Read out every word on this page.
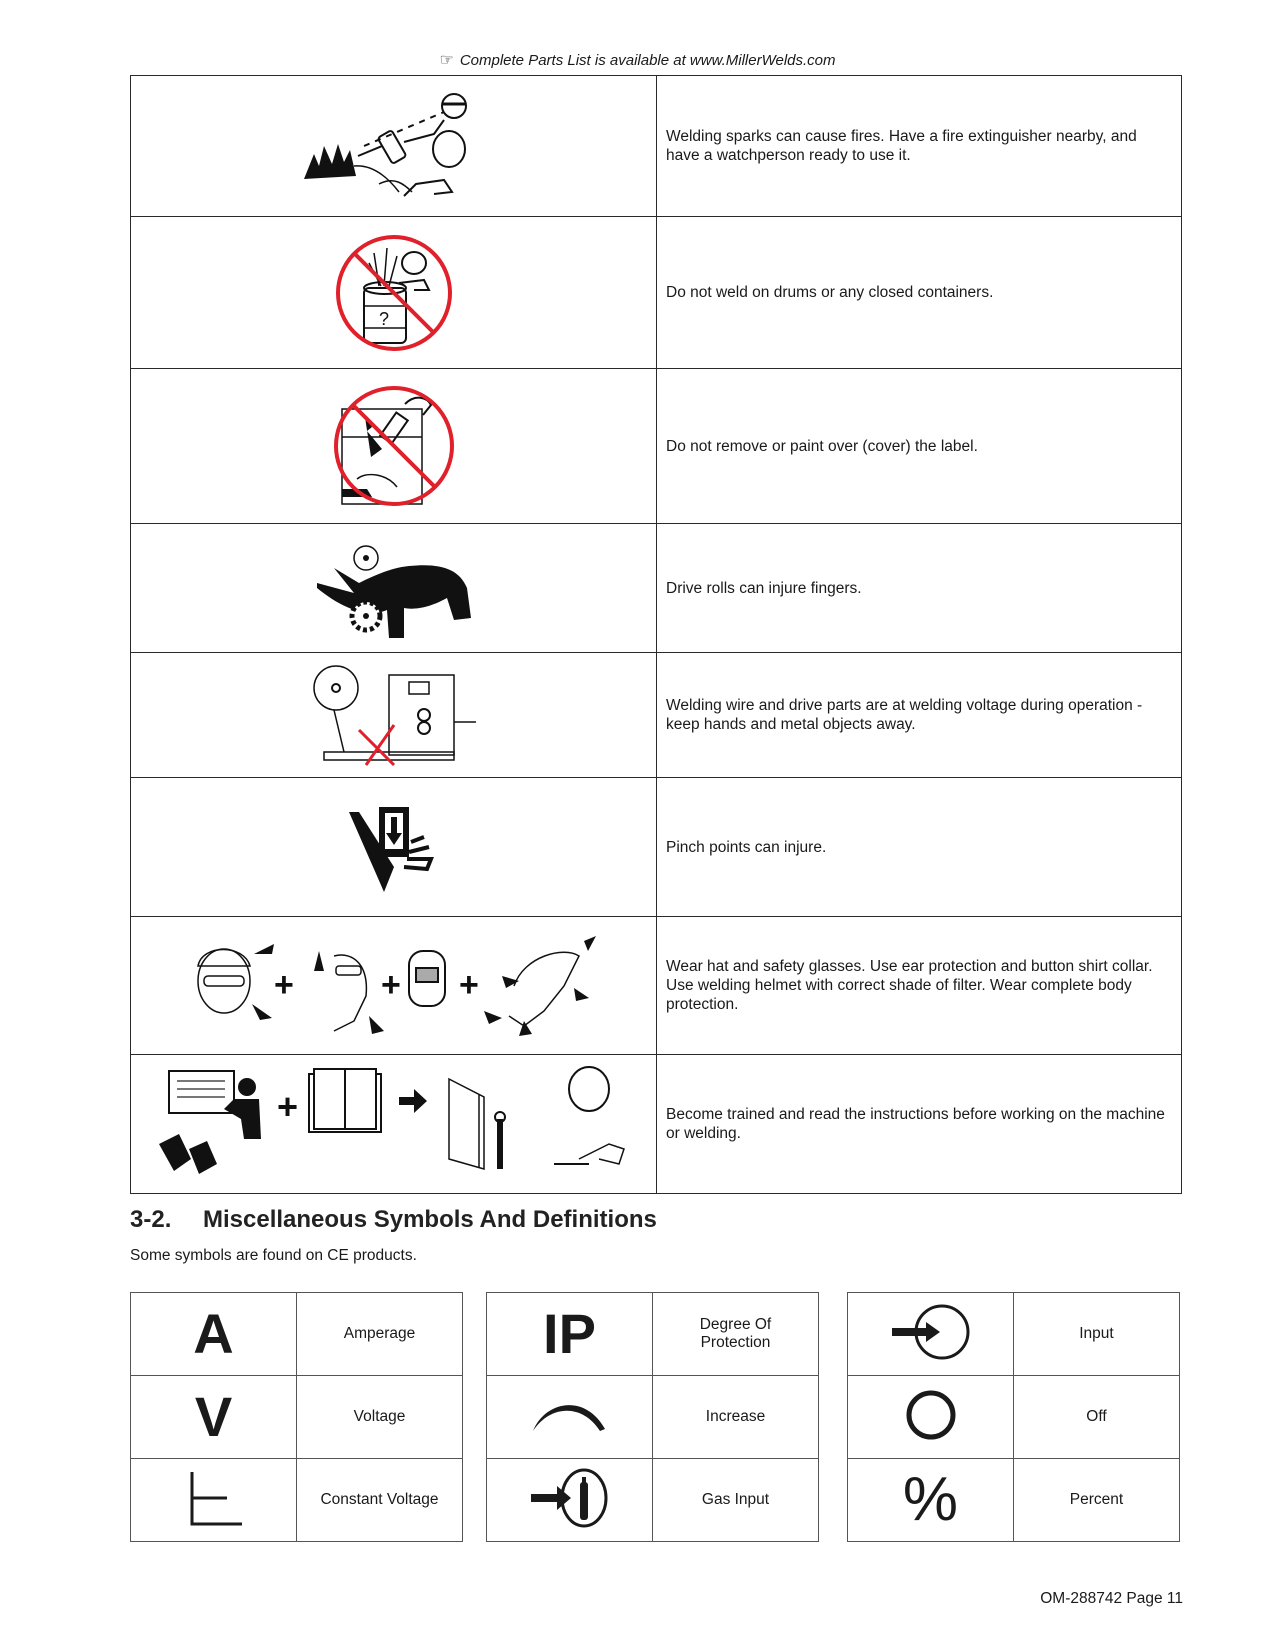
☞ Complete Parts List is available at www.MillerWelds.com
	Welding sparks can cause fires. Have a fire extinguisher nearby, and have a watchperson ready to use it.

?	Do not weld on drums or any closed containers.

	Do not remove or paint over (cover) the label.

	Drive rolls can injure fingers.

	Welding wire and drive parts are at welding voltage during operation - keep hands and metal objects away.

	Pinch points can injure.

+ + +	Wear hat and safety glasses. Use ear protection and button shirt collar. Use welding helmet with correct shade of filter. Wear complete body protection.

+	Become trained and read the instructions before working on the machine or welding.
3-2. Miscellaneous Symbols And Definitions
Some symbols are found on CE products.
A	Amperage
V	Voltage
	Constant Voltage
IP	Degree Of
Protection
	Increase
	Gas Input
	Input
	Off
%	Percent
OM-288742 Page 11
